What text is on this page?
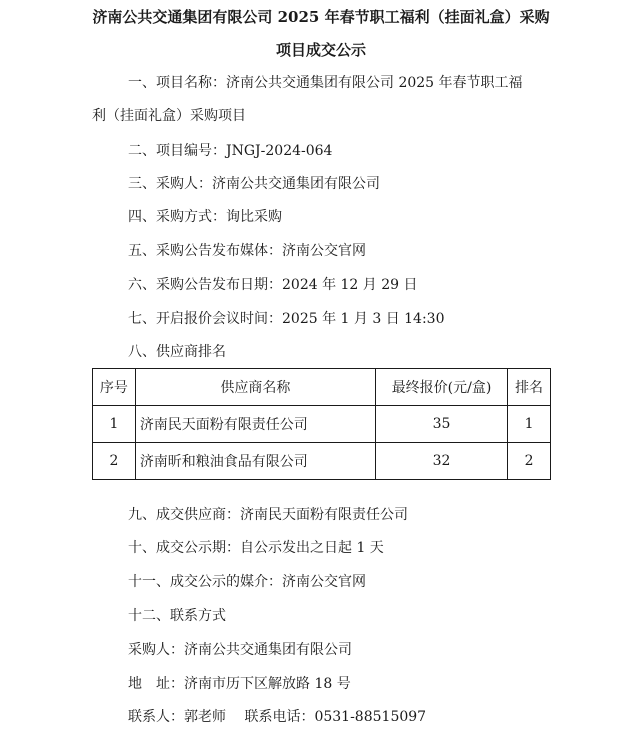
济南公共交通集团有限公司 2025 年春节职工福利（挂面礼盒）采购
项目成交公示
一、项目名称：济南公共交通集团有限公司 2025 年春节职工福
利（挂面礼盒）采购项目
二、项目编号：JNGJ-2024-064
三、采购人：济南公共交通集团有限公司
四、采购方式：询比采购
五、采购公告发布媒体：济南公交官网
六、采购公告发布日期：2024 年 12 月 29 日
七、开启报价会议时间：2025 年 1 月 3 日 14:30
八、供应商排名
序号	供应商名称	最终报价(元/盒)	排名
1	济南民天面粉有限责任公司	35	1
2	济南昕和粮油食品有限公司	32	2
九、成交供应商：济南民天面粉有限责任公司
十、成交公示期：自公示发出之日起 1 天
十一、成交公示的媒介：济南公交官网
十二、联系方式
采购人：济南公共交通集团有限公司
地　址：济南市历下区解放路 18 号
联系人：郭老师　 联系电话：0531-88515097
